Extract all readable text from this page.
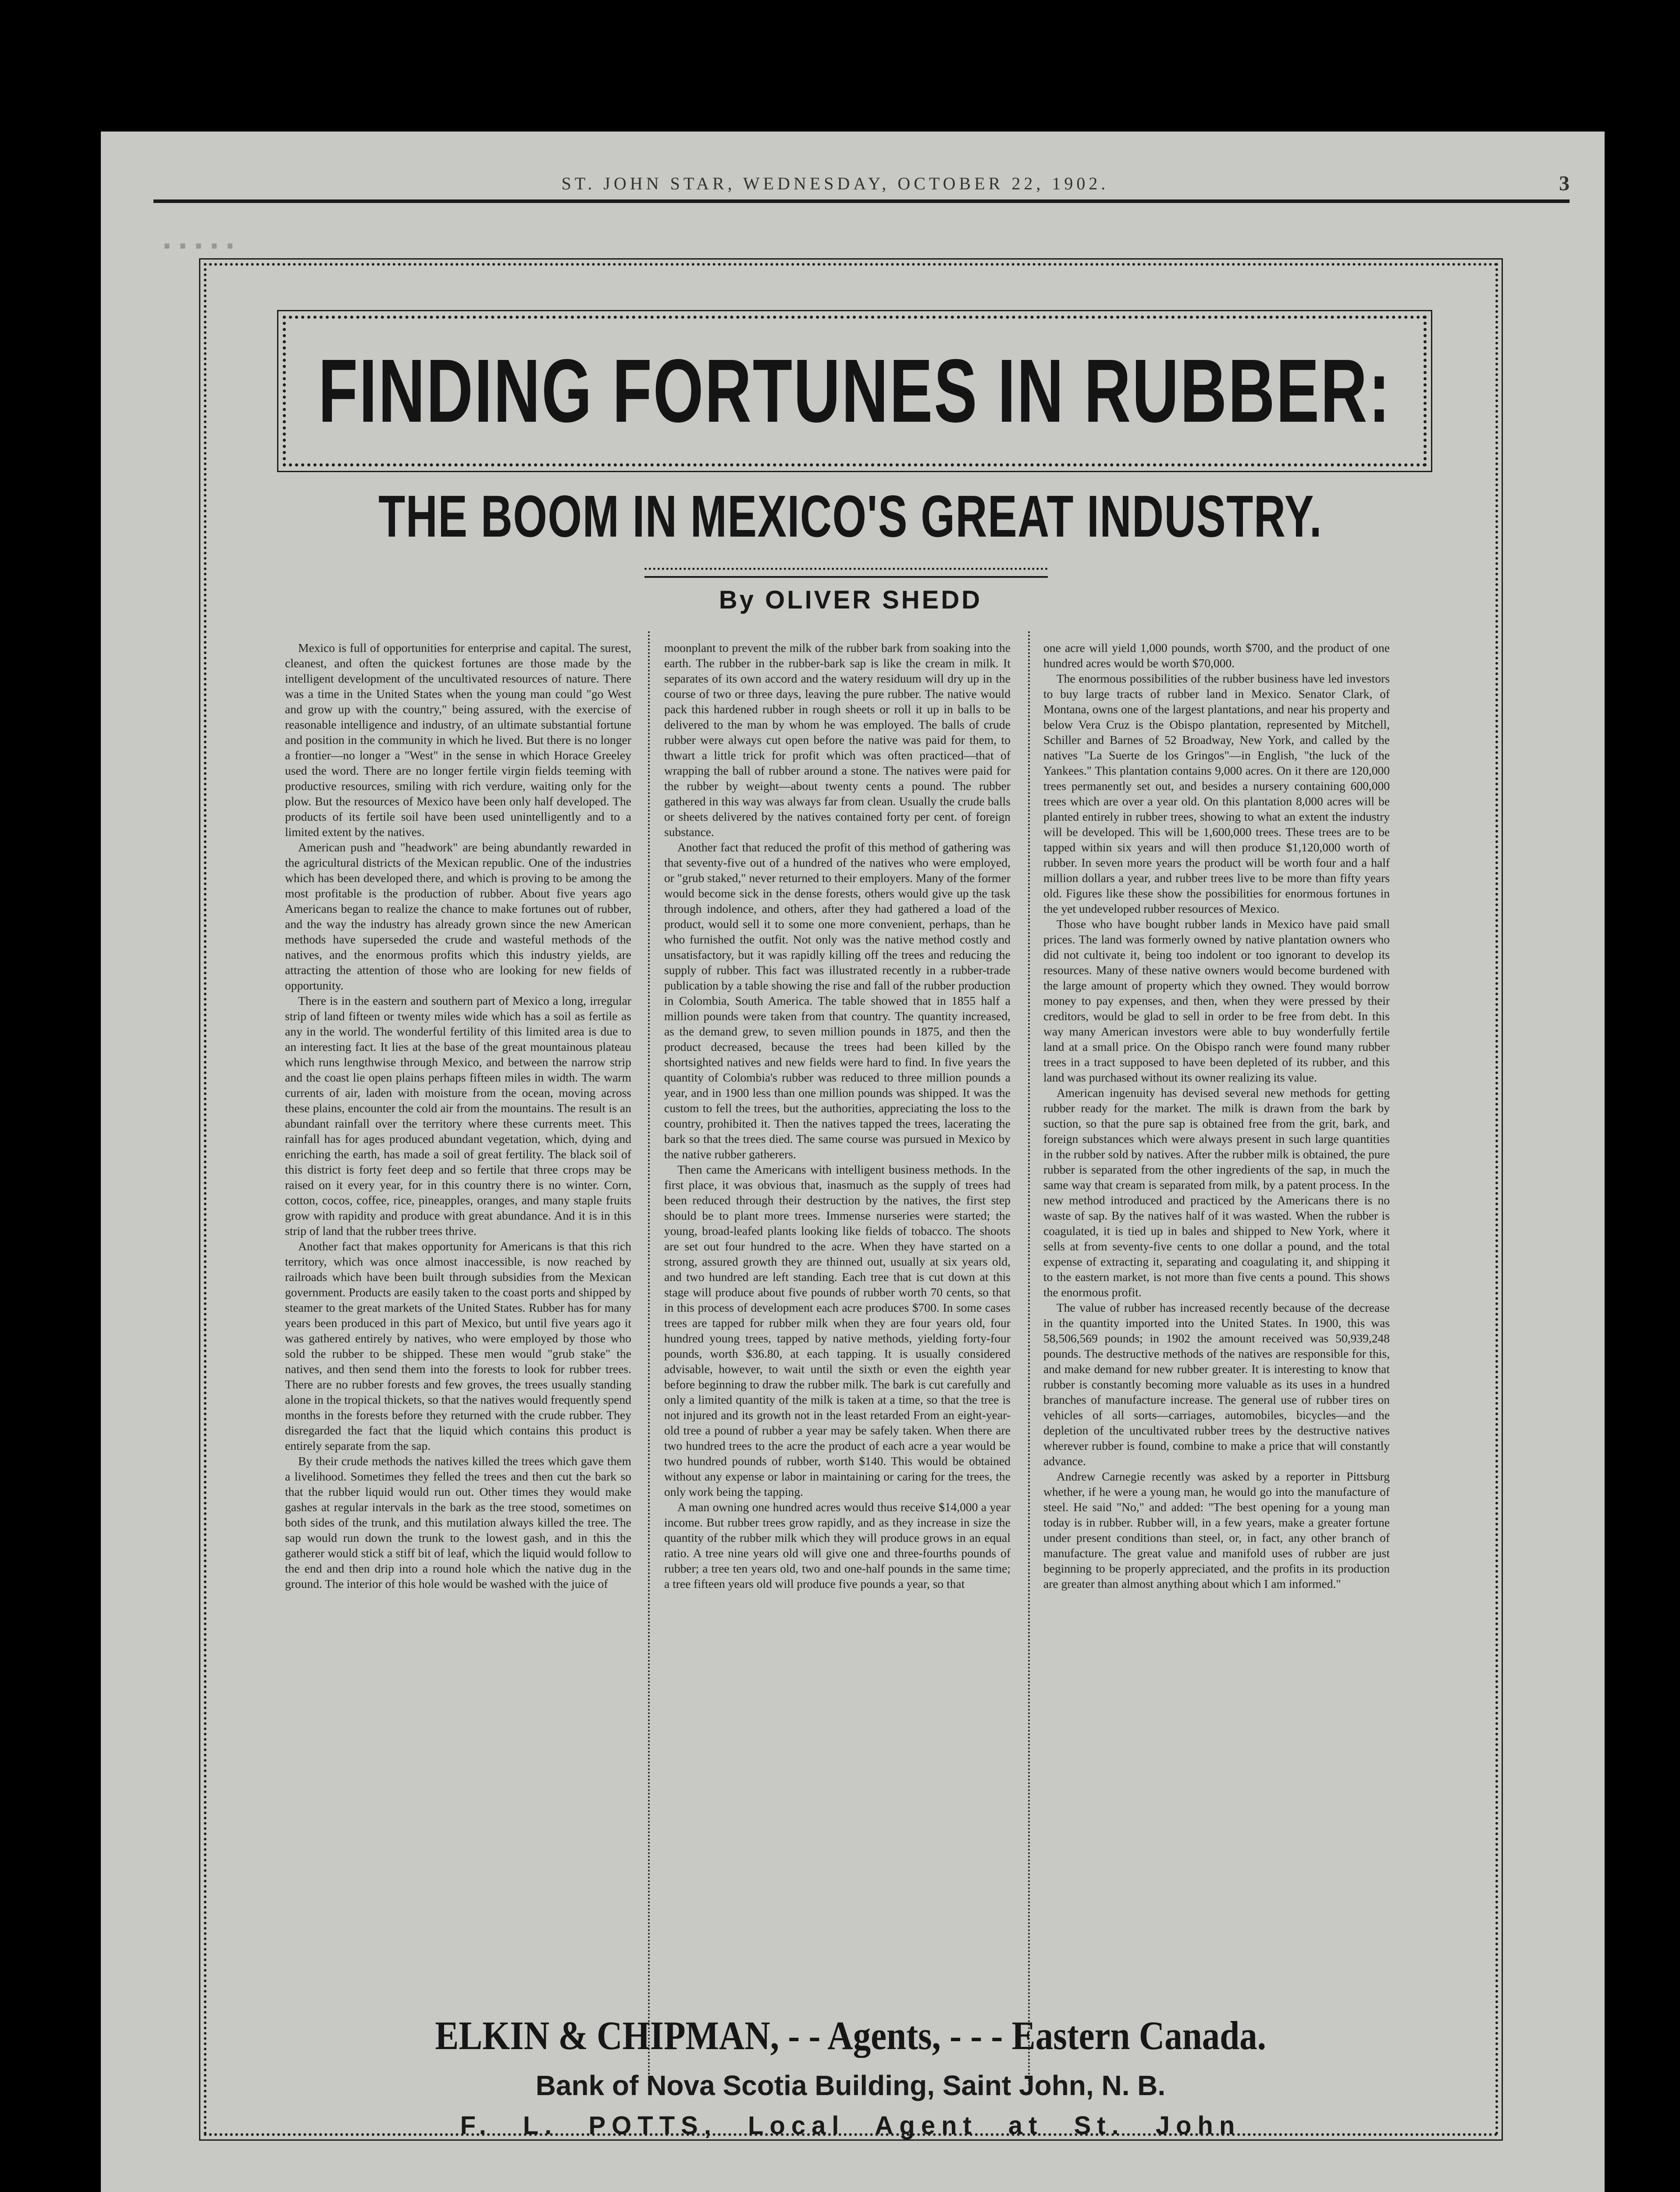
·····
ST. JOHN STAR, WEDNESDAY, OCTOBER 22, 1902.	3
FINDING FORTUNES IN RUBBER:
THE BOOM IN MEXICO'S GREAT INDUSTRY.
By OLIVER SHEDD

Mexico is full of opportunities for enterprise and capital. The surest, cleanest, and often the quickest fortunes are those made by the intelligent development of the uncultivated resources of nature. There was a time in the United States when the young man could "go West and grow up with the country," being assured, with the exercise of reasonable intelligence and industry, of an ultimate substantial fortune and position in the community in which he lived. But there is no longer a frontier—no longer a "West" in the sense in which Horace Greeley used the word. There are no longer fertile virgin fields teeming with productive resources, smiling with rich verdure, waiting only for the plow. But the resources of Mexico have been only half developed. The products of its fertile soil have been used unintelligently and to a limited extent by the natives.

American push and "headwork" are being abundantly rewarded in the agricultural districts of the Mexican republic. One of the industries which has been developed there, and which is proving to be among the most profitable is the production of rubber. About five years ago Americans began to realize the chance to make fortunes out of rubber, and the way the industry has already grown since the new American methods have superseded the crude and wasteful methods of the natives, and the enormous profits which this industry yields, are attracting the attention of those who are looking for new fields of opportunity.

There is in the eastern and southern part of Mexico a long, irregular strip of land fifteen or twenty miles wide which has a soil as fertile as any in the world. The wonderful fertility of this limited area is due to an interesting fact. It lies at the base of the great mountainous plateau which runs lengthwise through Mexico, and between the narrow strip and the coast lie open plains perhaps fifteen miles in width. The warm currents of air, laden with moisture from the ocean, moving across these plains, encounter the cold air from the mountains. The result is an abundant rainfall over the territory where these currents meet. This rainfall has for ages produced abundant vegetation, which, dying and enriching the earth, has made a soil of great fertility. The black soil of this district is forty feet deep and so fertile that three crops may be raised on it every year, for in this country there is no winter. Corn, cotton, cocos, coffee, rice, pineapples, oranges, and many staple fruits grow with rapidity and produce with great abundance. And it is in this strip of land that the rubber trees thrive.

Another fact that makes opportunity for Americans is that this rich territory, which was once almost inaccessible, is now reached by railroads which have been built through subsidies from the Mexican government. Products are easily taken to the coast ports and shipped by steamer to the great markets of the United States. Rubber has for many years been produced in this part of Mexico, but until five years ago it was gathered entirely by natives, who were employed by those who sold the rubber to be shipped. These men would "grub stake" the natives, and then send them into the forests to look for rubber trees. There are no rubber forests and few groves, the trees usually standing alone in the tropical thickets, so that the natives would frequently spend months in the forests before they returned with the crude rubber. They disregarded the fact that the liquid which contains this product is entirely separate from the sap.

By their crude methods the natives killed the trees which gave them a livelihood. Sometimes they felled the trees and then cut the bark so that the rubber liquid would run out. Other times they would make gashes at regular intervals in the bark as the tree stood, sometimes on both sides of the trunk, and this mutilation always killed the tree. The sap would run down the trunk to the lowest gash, and in this the gatherer would stick a stiff bit of leaf, which the liquid would follow to the end and then drip into a round hole which the native dug in the ground. The interior of this hole would be washed with the juice of

moonplant to prevent the milk of the rubber bark from soaking into the earth. The rubber in the rubber-bark sap is like the cream in milk. It separates of its own accord and the watery residuum will dry up in the course of two or three days, leaving the pure rubber. The native would pack this hardened rubber in rough sheets or roll it up in balls to be delivered to the man by whom he was employed. The balls of crude rubber were always cut open before the native was paid for them, to thwart a little trick for profit which was often practiced—that of wrapping the ball of rubber around a stone. The natives were paid for the rubber by weight—about twenty cents a pound. The rubber gathered in this way was always far from clean. Usually the crude balls or sheets delivered by the natives contained forty per cent. of foreign substance.

Another fact that reduced the profit of this method of gathering was that seventy-five out of a hundred of the natives who were employed, or "grub staked," never returned to their employers. Many of the former would become sick in the dense forests, others would give up the task through indolence, and others, after they had gathered a load of the product, would sell it to some one more convenient, perhaps, than he who furnished the outfit. Not only was the native method costly and unsatisfactory, but it was rapidly killing off the trees and reducing the supply of rubber. This fact was illustrated recently in a rubber-trade publication by a table showing the rise and fall of the rubber production in Colombia, South America. The table showed that in 1855 half a million pounds were taken from that country. The quantity increased, as the demand grew, to seven million pounds in 1875, and then the product decreased, because the trees had been killed by the shortsighted natives and new fields were hard to find. In five years the quantity of Colombia's rubber was reduced to three million pounds a year, and in 1900 less than one million pounds was shipped. It was the custom to fell the trees, but the authorities, appreciating the loss to the country, prohibited it. Then the natives tapped the trees, lacerating the bark so that the trees died. The same course was pursued in Mexico by the native rubber gatherers.

Then came the Americans with intelligent business methods. In the first place, it was obvious that, inasmuch as the supply of trees had been reduced through their destruction by the natives, the first step should be to plant more trees. Immense nurseries were started; the young, broad-leafed plants looking like fields of tobacco. The shoots are set out four hundred to the acre. When they have started on a strong, assured growth they are thinned out, usually at six years old, and two hundred are left standing. Each tree that is cut down at this stage will produce about five pounds of rubber worth 70 cents, so that in this process of development each acre produces $700. In some cases trees are tapped for rubber milk when they are four years old, four hundred young trees, tapped by native methods, yielding forty-four pounds, worth $36.80, at each tapping. It is usually considered advisable, however, to wait until the sixth or even the eighth year before beginning to draw the rubber milk. The bark is cut carefully and only a limited quantity of the milk is taken at a time, so that the tree is not injured and its growth not in the least retarded From an eight-year-old tree a pound of rubber a year may be safely taken. When there are two hundred trees to the acre the product of each acre a year would be two hundred pounds of rubber, worth $140. This would be obtained without any expense or labor in maintaining or caring for the trees, the only work being the tapping.

A man owning one hundred acres would thus receive $14,000 a year income. But rubber trees grow rapidly, and as they increase in size the quantity of the rubber milk which they will produce grows in an equal ratio. A tree nine years old will give one and three-fourths pounds of rubber; a tree ten years old, two and one-half pounds in the same time; a tree fifteen years old will produce five pounds a year, so that

one acre will yield 1,000 pounds, worth $700, and the product of one hundred acres would be worth $70,000.

The enormous possibilities of the rubber business have led investors to buy large tracts of rubber land in Mexico. Senator Clark, of Montana, owns one of the largest plantations, and near his property and below Vera Cruz is the Obispo plantation, represented by Mitchell, Schiller and Barnes of 52 Broadway, New York, and called by the natives "La Suerte de los Gringos"—in English, "the luck of the Yankees." This plantation contains 9,000 acres. On it there are 120,000 trees permanently set out, and besides a nursery containing 600,000 trees which are over a year old. On this plantation 8,000 acres will be planted entirely in rubber trees, showing to what an extent the industry will be developed. This will be 1,600,000 trees. These trees are to be tapped within six years and will then produce $1,120,000 worth of rubber. In seven more years the product will be worth four and a half million dollars a year, and rubber trees live to be more than fifty years old. Figures like these show the possibilities for enormous fortunes in the yet undeveloped rubber resources of Mexico.

Those who have bought rubber lands in Mexico have paid small prices. The land was formerly owned by native plantation owners who did not cultivate it, being too indolent or too ignorant to develop its resources. Many of these native owners would become burdened with the large amount of property which they owned. They would borrow money to pay expenses, and then, when they were pressed by their creditors, would be glad to sell in order to be free from debt. In this way many American investors were able to buy wonderfully fertile land at a small price. On the Obispo ranch were found many rubber trees in a tract supposed to have been depleted of its rubber, and this land was purchased without its owner realizing its value.

American ingenuity has devised several new methods for getting rubber ready for the market. The milk is drawn from the bark by suction, so that the pure sap is obtained free from the grit, bark, and foreign substances which were always present in such large quantities in the rubber sold by natives. After the rubber milk is obtained, the pure rubber is separated from the other ingredients of the sap, in much the same way that cream is separated from milk, by a patent process. In the new method introduced and practiced by the Americans there is no waste of sap. By the natives half of it was wasted. When the rubber is coagulated, it is tied up in bales and shipped to New York, where it sells at from seventy-five cents to one dollar a pound, and the total expense of extracting it, separating and coagulating it, and shipping it to the eastern market, is not more than five cents a pound. This shows the enormous profit.

The value of rubber has increased recently because of the decrease in the quantity imported into the United States. In 1900, this was 58,506,569 pounds; in 1902 the amount received was 50,939,248 pounds. The destructive methods of the natives are responsible for this, and make demand for new rubber greater. It is interesting to know that rubber is constantly becoming more valuable as its uses in a hundred branches of manufacture increase. The general use of rubber tires on vehicles of all sorts—carriages, automobiles, bicycles—and the depletion of the uncultivated rubber trees by the destructive natives wherever rubber is found, combine to make a price that will constantly advance.

Andrew Carnegie recently was asked by a reporter in Pittsburg whether, if he were a young man, he would go into the manufacture of steel. He said "No," and added: "The best opening for a young man today is in rubber. Rubber will, in a few years, make a greater fortune under present conditions than steel, or, in fact, any other branch of manufacture. The great value and manifold uses of rubber are just beginning to be properly appreciated, and the profits in its production are greater than almost anything about which I am informed."

ELKIN & CHIPMAN, - - Agents, - - - Eastern Canada.
Bank of Nova Scotia Building, Saint John, N. B.
F. L. POTTS, Local Agent at St. John
